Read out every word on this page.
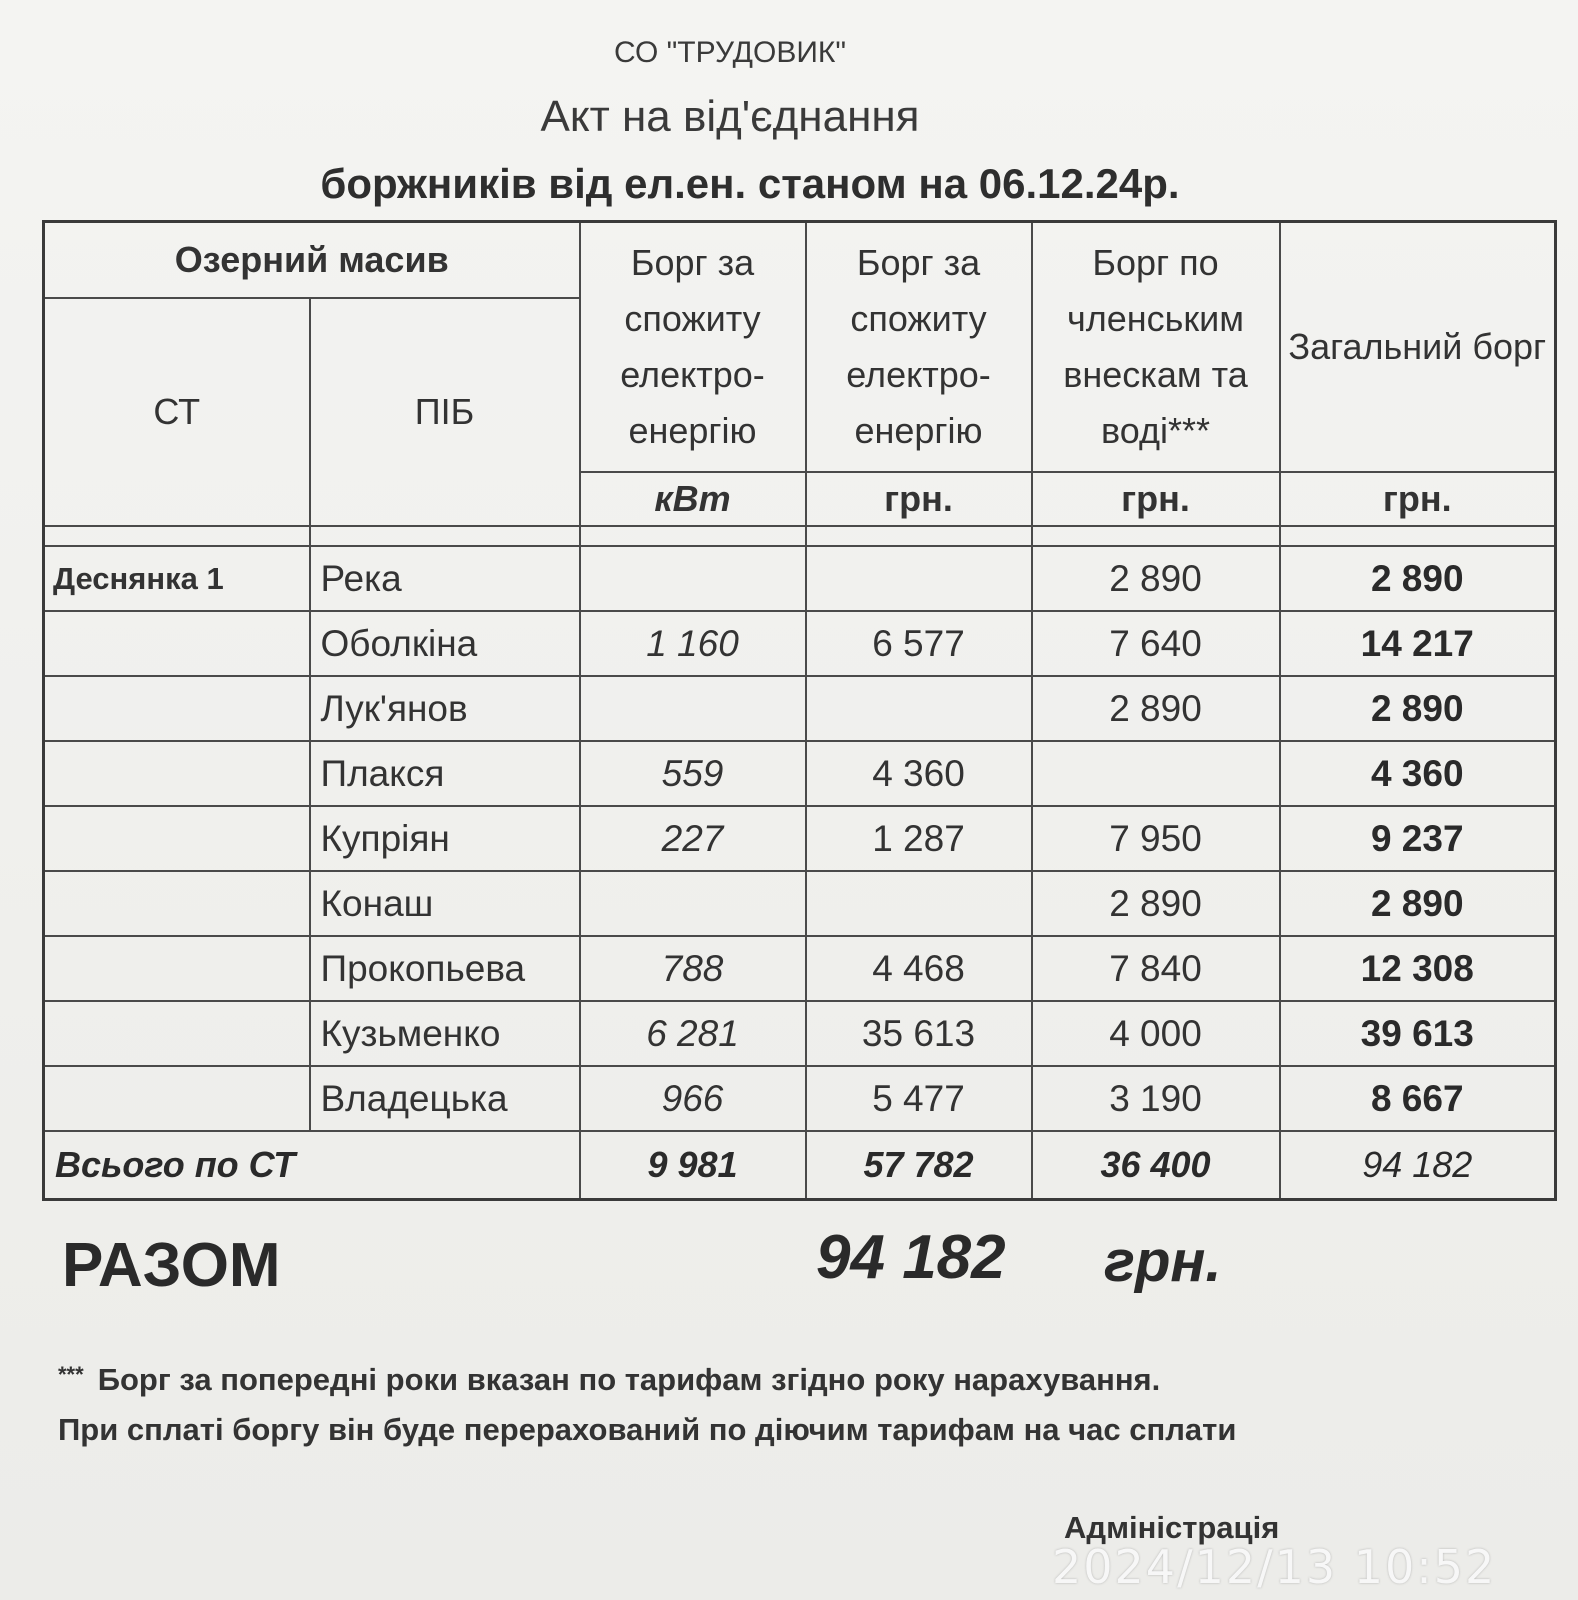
СО "ТРУДОВИК"
Акт на від'єднання
боржників від ел.ен. станом на 06.12.24р.
Озерний масив		Борг за спожиту електро-енергію	Борг за спожиту електро-енергію	Борг по членським внескам та воді***	Загальний борг
СТ	ПІБ				
		кВт	грн.	грн.	грн.

Деснянка 1	Река			2 890	2 890
	Оболкіна	1 160	6 577	7 640	14 217
	Лук'янов			2 890	2 890
	Плакся	559	4 360		4 360
	Купріян	227	1 287	7 950	9 237
	Конаш			2 890	2 890
	Прокопьева	788	4 468	7 840	12 308
	Кузьменко	6 281	35 613	4 000	39 613
	Владецька	966	5 477	3 190	8 667
Всього по СТ		9 981	57 782	36 400	94 182
РАЗОМ	94 182 грн.
*** Борг за попередні роки вказан по тарифам згідно року нарахування.
При сплаті боргу він буде перерахований по діючим тарифам на час сплати
Адміністрація
2024/12/13 10:52
